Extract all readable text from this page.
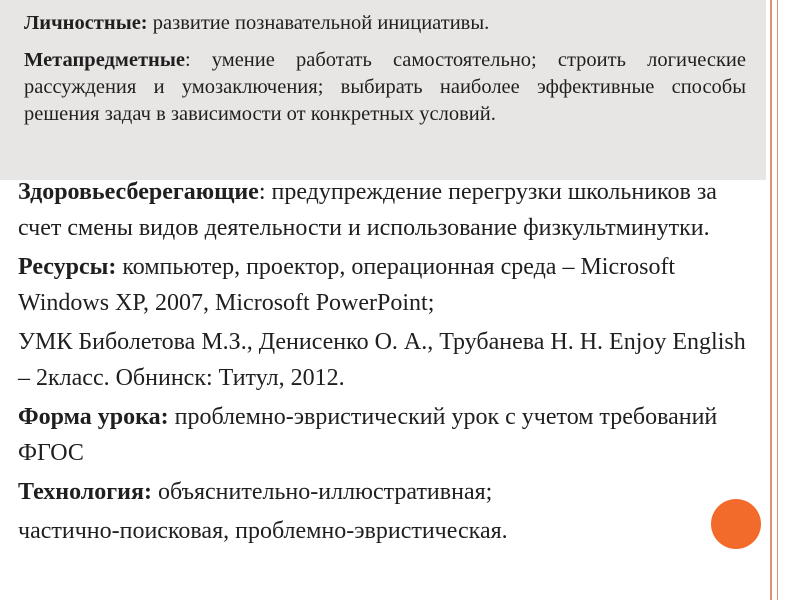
Личностные: развитие познавательной инициативы.

Метапредметные: умение работать самостоятельно; строить логические рассуждения и умозаключения; выбирать наиболее эффективные способы решения задач в зависимости от конкретных условий.

Здоровьесберегающие: предупреждение перегрузки школьников за счет смены видов деятельности и использование физкультминутки.

Ресурсы: компьютер, проектор, операционная среда – Microsoft Windows XP, 2007, Microsoft PowerPoint;

УМК Биболетова М.З., Денисенко О. А., Трубанева Н. Н. Enjoy English – 2класс. Обнинск: Титул, 2012.

Форма урока: проблемно-эвристический урок с учетом требований ФГОС

Технология: объяснительно-иллюстративная;

частично-поисковая, проблемно-эвристическая.
